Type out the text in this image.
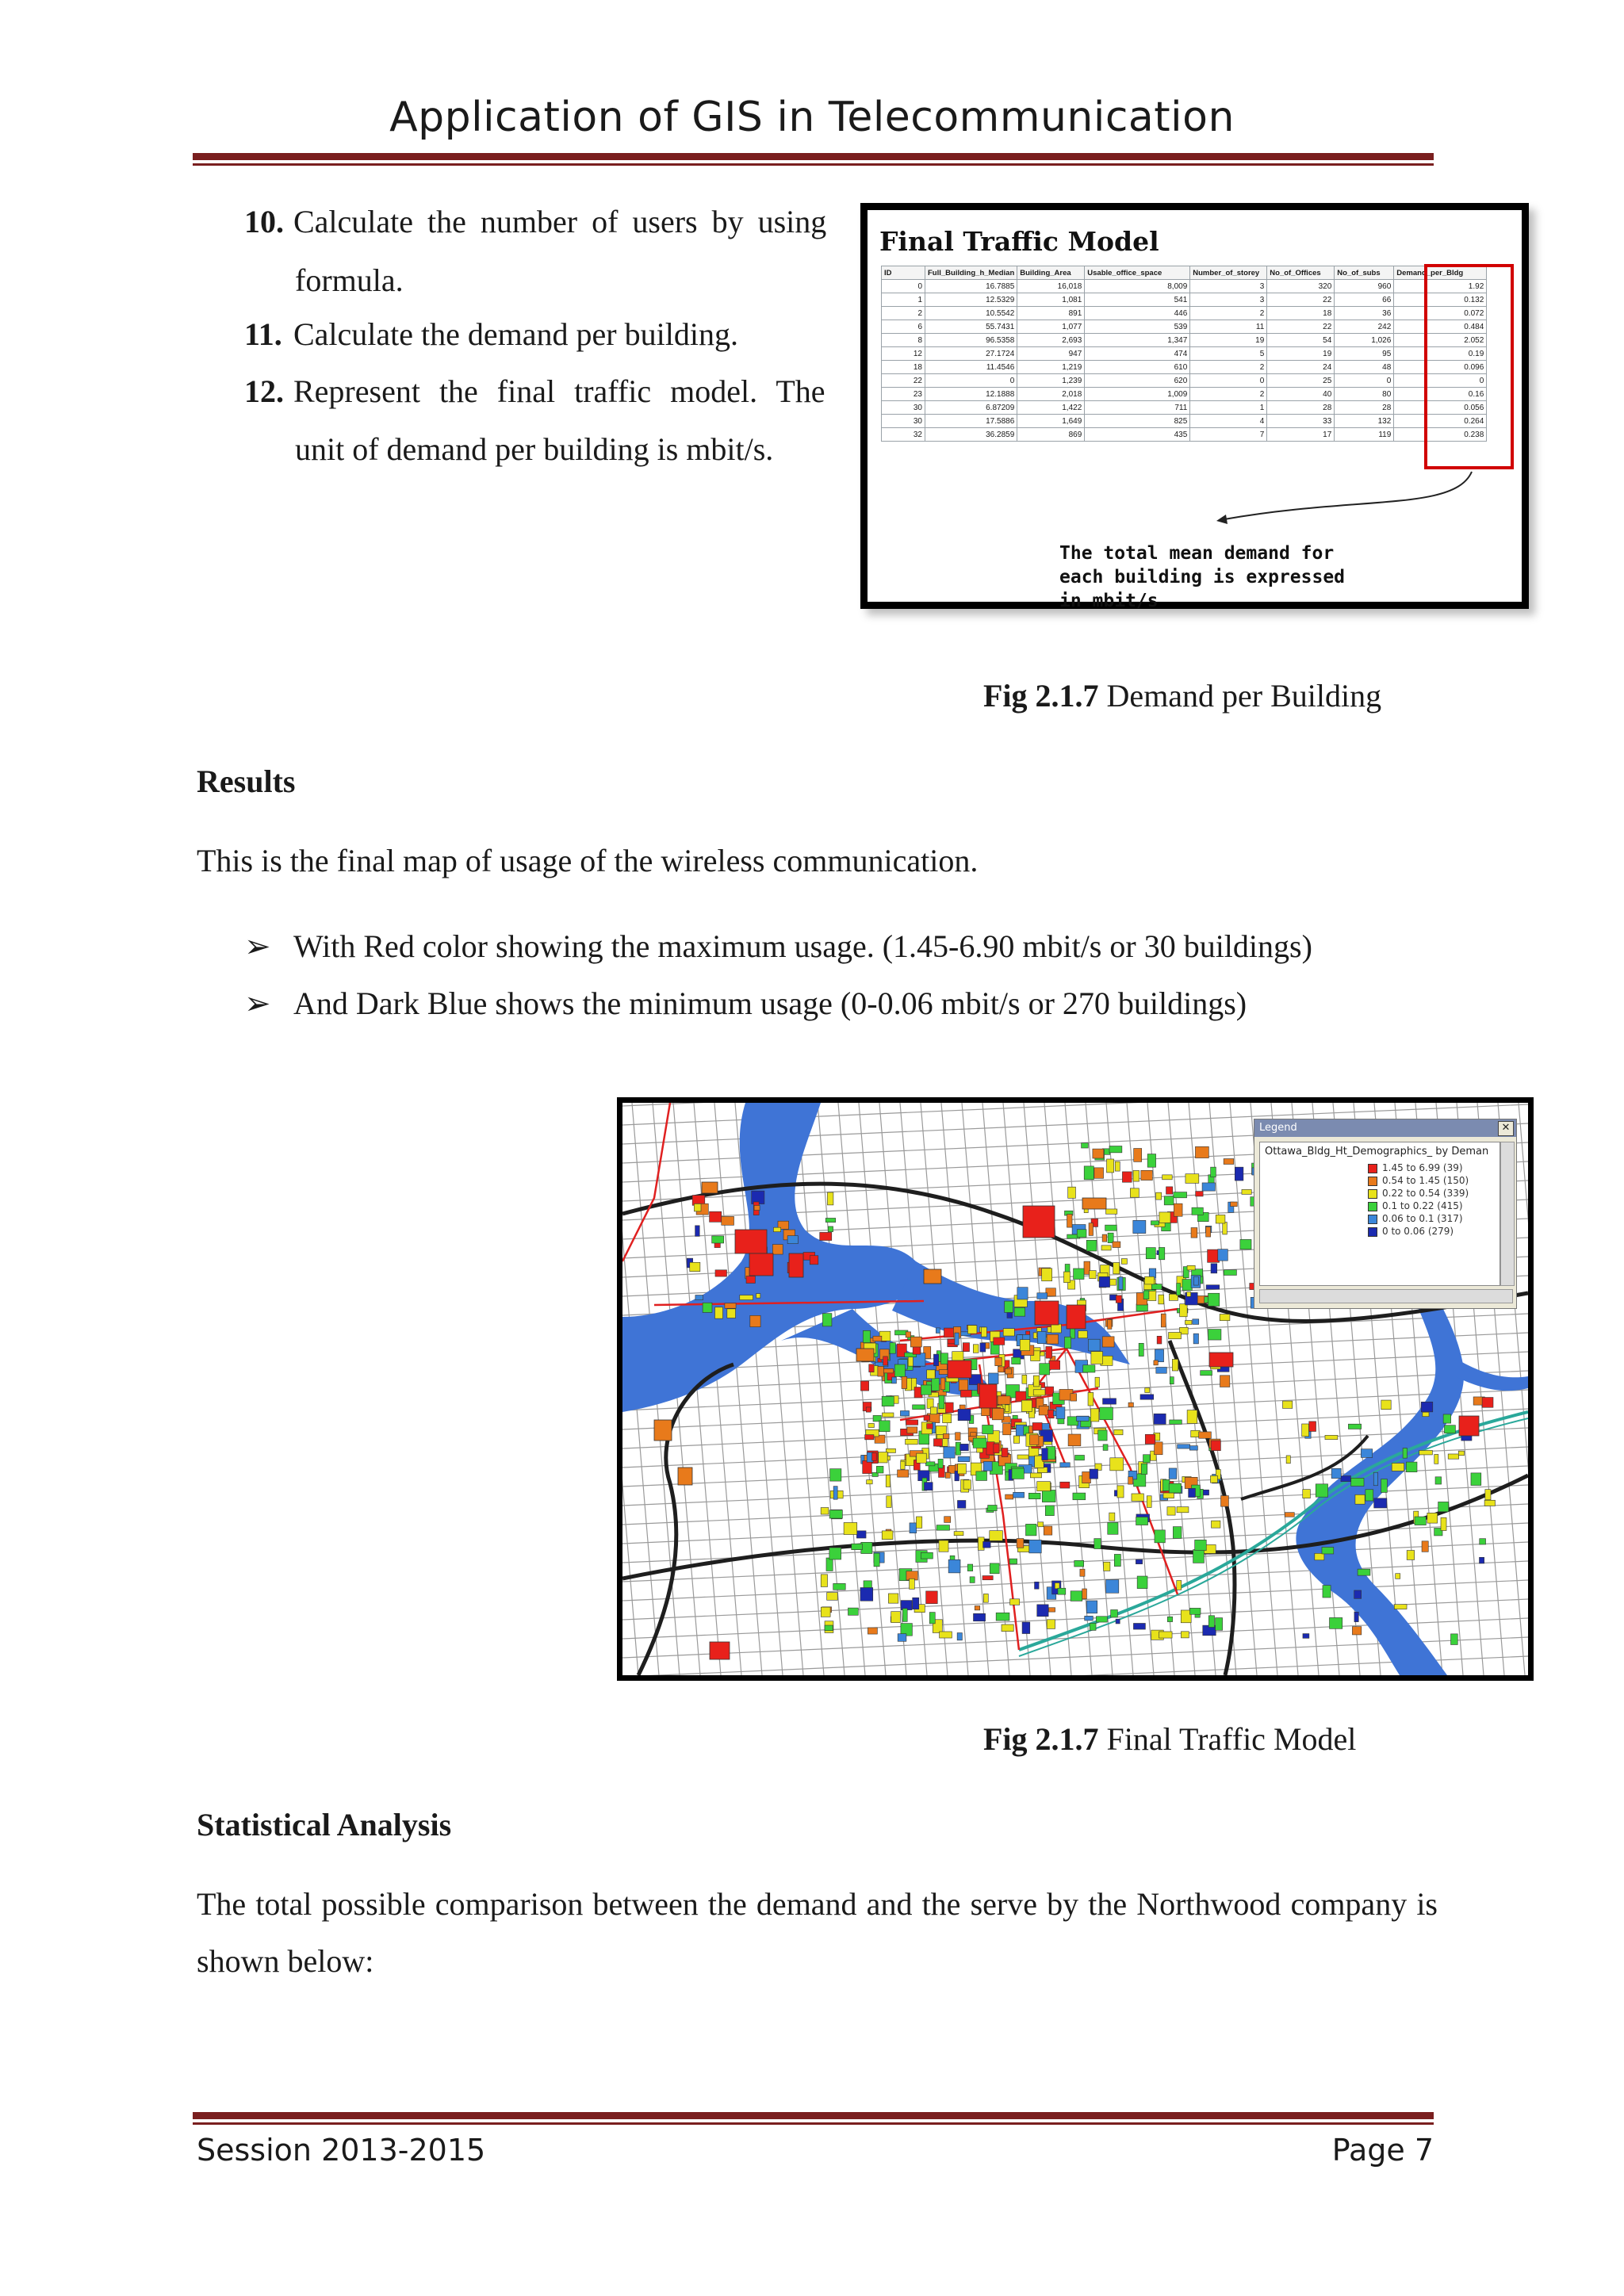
Application of GIS in Telecommunication
10. Calculate the number of users by using
formula.
11. Calculate the demand per building.
12. Represent the final traffic model. The
unit of demand per building is mbit/s.
Final Traffic Model
ID	Full_Building_h_Median	Building_Area	Usable_office_space	Number_of_storey	No_of_Offices	No_of_subs	Demand_per_Bldg
0	16.7885	16,018	8,009	3	320	960	1.92
1	12.5329	1,081	541	3	22	66	0.132
2	10.5542	891	446	2	18	36	0.072
6	55.7431	1,077	539	11	22	242	0.484
8	96.5358	2,693	1,347	19	54	1,026	2.052
12	27.1724	947	474	5	19	95	0.19
18	11.4546	1,219	610	2	24	48	0.096
22	0	1,239	620	0	25	0	0
23	12.1888	2,018	1,009	2	40	80	0.16
30	6.87209	1,422	711	1	28	28	0.056
30	17.5886	1,649	825	4	33	132	0.264
32	36.2859	869	435	7	17	119	0.238
The total mean demand for
each building is expressed
in mbit/s
Fig 2.1.7 Demand per Building
Results
This is the final map of usage of the wireless communication.
➢ With Red color showing the maximum usage. (1.45-6.90 mbit/s or 30 buildings)
➢ And Dark Blue shows the minimum usage (0-0.06 mbit/s or 270 buildings)
Legend	✕
Ottawa_Bldg_Ht_Demographics_ by Deman
1.45 to 6.99 (39)
0.54 to 1.45 (150)
0.22 to 0.54 (339)
0.1 to 0.22 (415)
0.06 to 0.1 (317)
0 to 0.06 (279)
Fig 2.1.7 Final Traffic Model
Statistical Analysis
The total possible comparison between the demand and the serve by the Northwood company is shown below:
Session 2013-2015	Page 7
